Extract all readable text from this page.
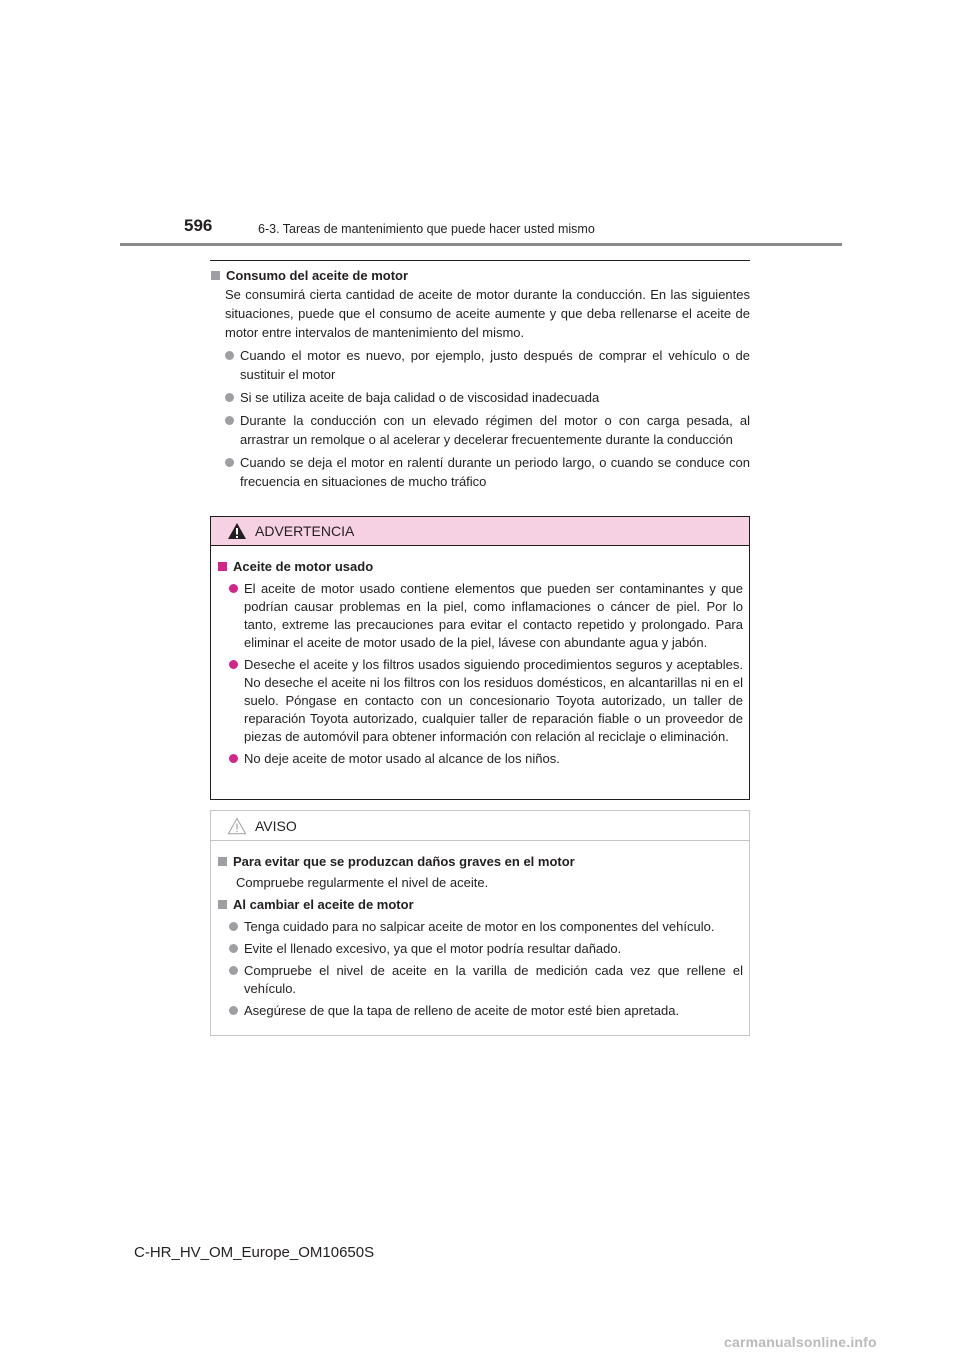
596	6-3. Tareas de mantenimiento que puede hacer usted mismo
Consumo del aceite de motor

Se consumirá cierta cantidad de aceite de motor durante la conducción. En las siguientes situaciones, puede que el consumo de aceite aumente y que deba rellenarse el aceite de motor entre intervalos de mantenimiento del mismo.

Cuando el motor es nuevo, por ejemplo, justo después de comprar el vehículo o de sustituir el motor
Si se utiliza aceite de baja calidad o de viscosidad inadecuada
Durante la conducción con un elevado régimen del motor o con carga pesada, al arrastrar un remolque o al acelerar y decelerar frecuentemente durante la conducción
Cuando se deja el motor en ralentí durante un periodo largo, o cuando se conduce con frecuencia en situaciones de mucho tráfico
ADVERTENCIA
Aceite de motor usado
El aceite de motor usado contiene elementos que pueden ser contaminantes y que podrían causar problemas en la piel, como inflamaciones o cáncer de piel. Por lo tanto, extreme las precauciones para evitar el contacto repetido y prolongado. Para eliminar el aceite de motor usado de la piel, lávese con abundante agua y jabón.
Deseche el aceite y los filtros usados siguiendo procedimientos seguros y aceptables. No deseche el aceite ni los filtros con los residuos domésticos, en alcantarillas ni en el suelo. Póngase en contacto con un concesionario Toyota autorizado, un taller de reparación Toyota autorizado, cualquier taller de reparación fiable o un proveedor de piezas de automóvil para obtener información con relación al reciclaje o eliminación.
No deje aceite de motor usado al alcance de los niños.
AVISO
Para evitar que se produzcan daños graves en el motor

Compruebe regularmente el nivel de aceite.

Al cambiar el aceite de motor
Tenga cuidado para no salpicar aceite de motor en los componentes del vehículo.
Evite el llenado excesivo, ya que el motor podría resultar dañado.
Compruebe el nivel de aceite en la varilla de medición cada vez que rellene el vehículo.
Asegúrese de que la tapa de relleno de aceite de motor esté bien apretada.
C-HR_HV_OM_Europe_OM10650S
carmanualsonline.info
